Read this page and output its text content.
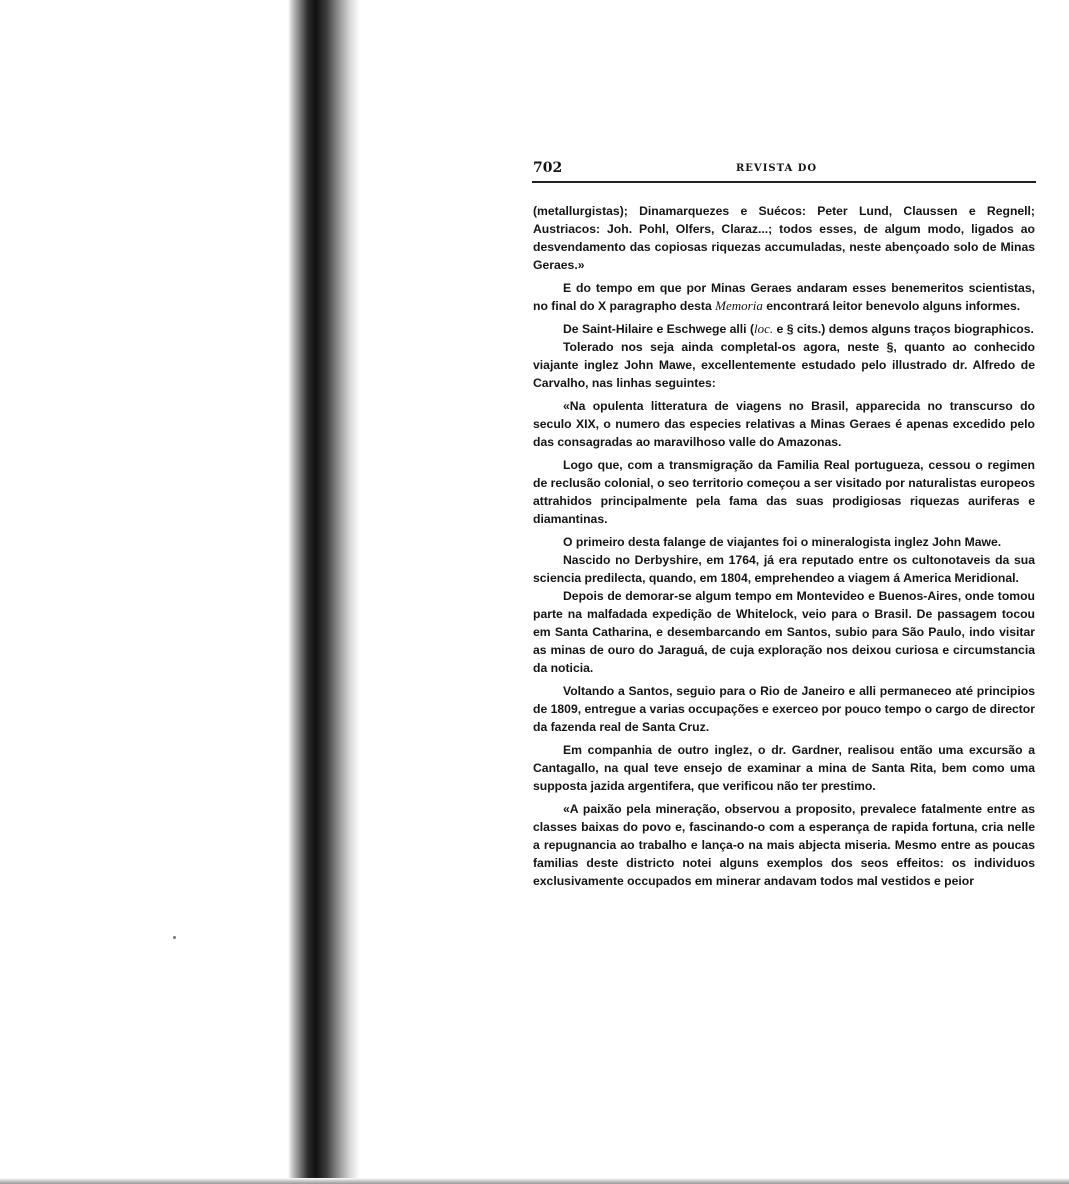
702	REVISTA DO

(metallurgistas); Dinamarquezes e Suécos: Peter Lund, Claussen e Regnell; Austriacos: Joh. Pohl, Olfers, Claraz...; todos esses, de algum modo, ligados ao desvendamento das copiosas riquezas accumuladas, neste abençoado solo de Minas Geraes.»

E do tempo em que por Minas Geraes andaram esses benemeritos scientistas, no final do X paragrapho desta Memoria encontrará leitor benevolo alguns informes.

De Saint-Hilaire e Eschwege alli (loc. e § cits.) demos alguns traços biographicos.

Tolerado nos seja ainda completal-os agora, neste §, quanto ao conhecido viajante inglez John Mawe, excellentemente estudado pelo illustrado dr. Alfredo de Carvalho, nas linhas seguintes:

«Na opulenta litteratura de viagens no Brasil, apparecida no transcurso do seculo XIX, o numero das especies relativas a Minas Geraes é apenas excedido pelo das consagradas ao maravilhoso valle do Amazonas.

Logo que, com a transmigração da Familia Real portugueza, cessou o regimen de reclusão colonial, o seo territorio começou a ser visitado por naturalistas europeos attrahidos principalmente pela fama das suas prodigiosas riquezas auriferas e diamantinas.

O primeiro desta falange de viajantes foi o mineralogista inglez John Mawe.

Nascido no Derbyshire, em 1764, já era reputado entre os cultonotaveis da sua sciencia predilecta, quando, em 1804, emprehendeo a viagem á America Meridional.

Depois de demorar-se algum tempo em Montevideo e Buenos-Aires, onde tomou parte na malfadada expedição de Whitelock, veio para o Brasil. De passagem tocou em Santa Catharina, e desembarcando em Santos, subio para São Paulo, indo visitar as minas de ouro do Jaraguá, de cuja exploração nos deixou curiosa e circumstancia da noticia.

Voltando a Santos, seguio para o Rio de Janeiro e alli permaneceo até principios de 1809, entregue a varias occupações e exerceo por pouco tempo o cargo de director da fazenda real de Santa Cruz.

Em companhia de outro inglez, o dr. Gardner, realisou então uma excursão a Cantagallo, na qual teve ensejo de examinar a mina de Santa Rita, bem como uma supposta jazida argentifera, que verificou não ter prestimo.

«A paixão pela mineração, observou a proposito, prevalece fatalmente entre as classes baixas do povo e, fascinando-o com a esperança de rapida fortuna, cria nelle a repugnancia ao trabalho e lança-o na mais abjecta miseria. Mesmo entre as poucas familias deste districto notei alguns exemplos dos seos effeitos: os individuos exclusivamente occupados em minerar andavam todos mal vestidos e peior
